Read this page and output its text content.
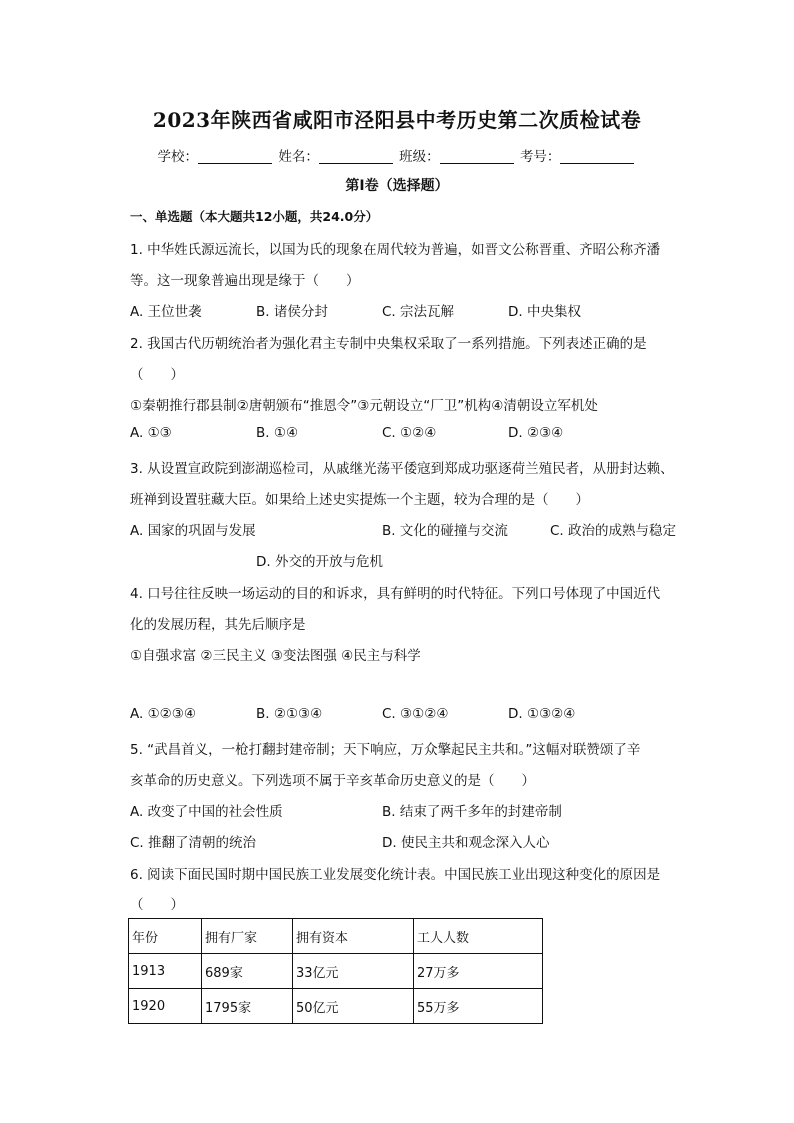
2023年陕西省咸阳市泾阳县中考历史第二次质检试卷
学校：	姓名：	班级：	考号：
第I卷（选择题）
一、单选题（本大题共12小题，共24.0分）
1. 中华姓氏源远流长，以国为氏的现象在周代较为普遍，如晋文公称晋重、齐昭公称齐潘
等。这一现象普遍出现是缘于（　　）
A. 王位世袭	B. 诸侯分封	C. 宗法瓦解	D. 中央集权
2. 我国古代历朝统治者为强化君主专制中央集权采取了一系列措施。下列表述正确的是
（　　）
①秦朝推行郡县制②唐朝颁布“推恩令”③元朝设立“厂卫”机构④清朝设立军机处
A. ①③	B. ①④	C. ①②④	D. ②③④
3. 从设置宣政院到澎湖巡检司，从戚继光荡平倭寇到郑成功驱逐荷兰殖民者，从册封达赖、
班禅到设置驻藏大臣。如果给上述史实提炼一个主题，较为合理的是（　　）
A. 国家的巩固与发展	B. 文化的碰撞与交流	C. 政治的成熟与稳定
D. 外交的开放与危机
4. 口号往往反映一场运动的目的和诉求，具有鲜明的时代特征。下列口号体现了中国近代
化的发展历程，其先后顺序是
①自强求富 ②三民主义 ③变法图强 ④民主与科学
A. ①②③④	B. ②①③④	C. ③①②④	D. ①③②④
5. “武昌首义，一枪打翻封建帝制；天下响应，万众擎起民主共和。”这幅对联赞颂了辛
亥革命的历史意义。下列选项不属于辛亥革命历史意义的是（　　）
A. 改变了中国的社会性质	B. 结束了两千多年的封建帝制
C. 推翻了清朝的统治	D. 使民主共和观念深入人心
6. 阅读下面民国时期中国民族工业发展变化统计表。中国民族工业出现这种变化的原因是
（　　）
年份	拥有厂家	拥有资本	工人人数
1913	689家	33亿元	27万多
1920	1795家	50亿元	55万多
